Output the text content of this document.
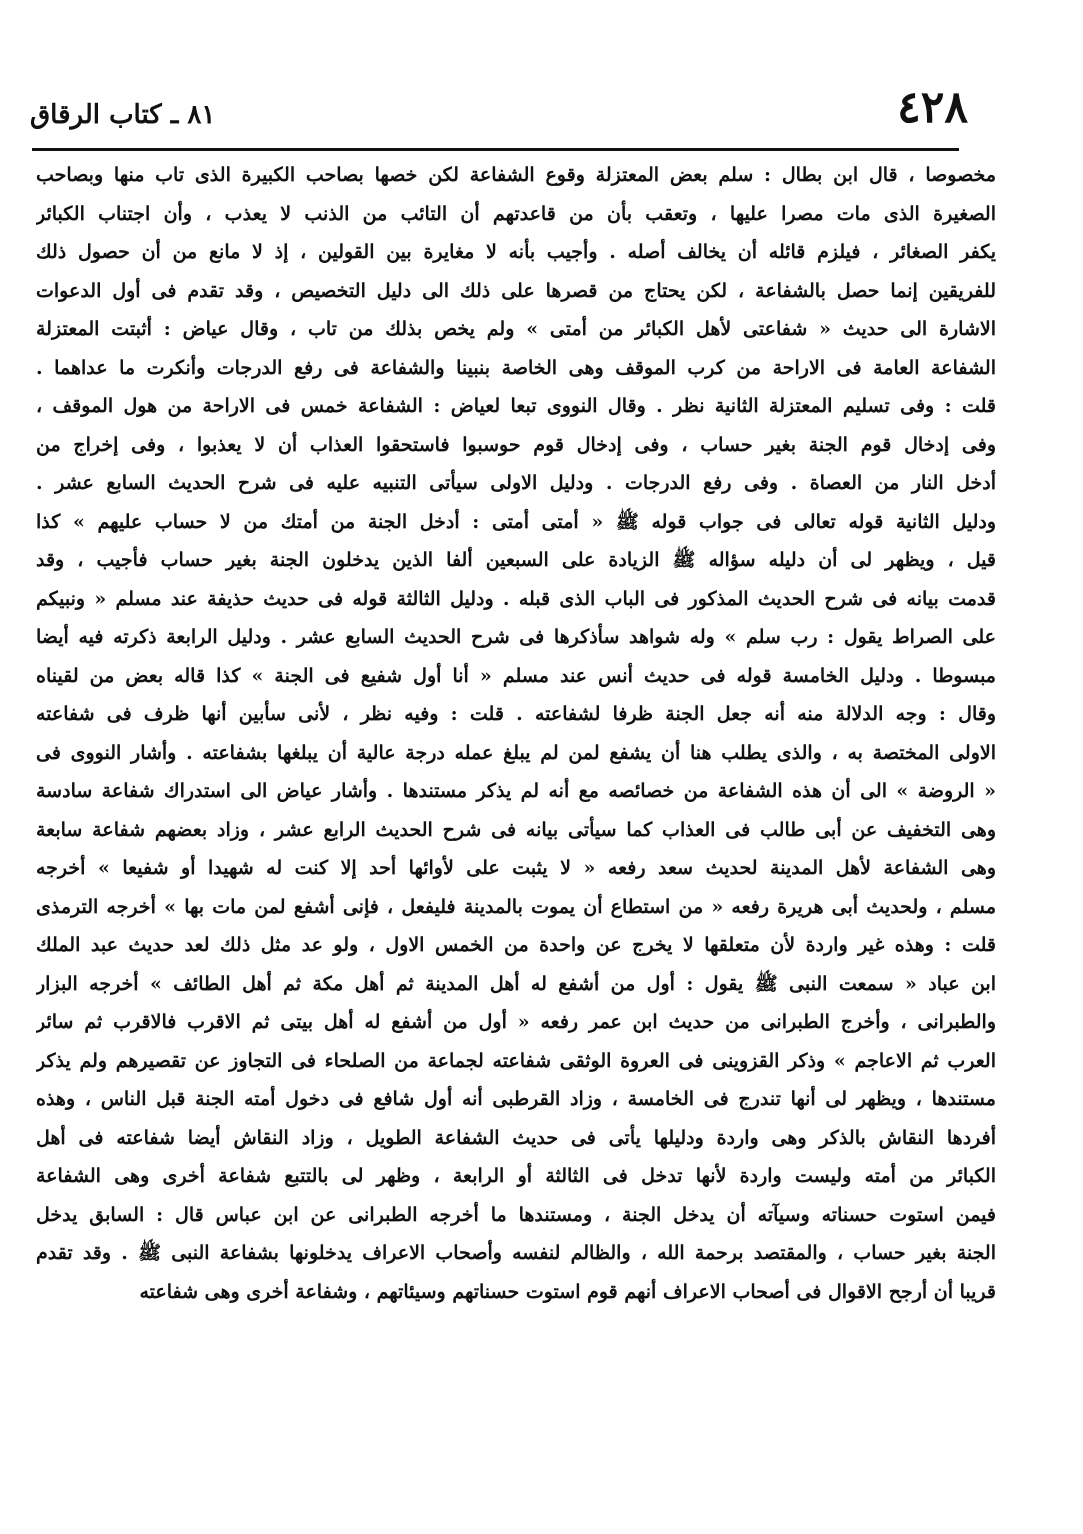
٤٢٨
٨١ ـ كتاب الرقاق
مخصوصا ، قال ابن بطال : سلم بعض المعتزلة وقوع الشفاعة لكن خصها بصاحب الكبيرة الذى تاب منها وبصاحب
الصغيرة الذى مات مصرا عليها ، وتعقب بأن من قاعدتهم أن التائب من الذنب لا يعذب ، وأن اجتناب الكبائر
يكفر الصغائر ، فيلزم قائله أن يخالف أصله . وأجيب بأنه لا مغايرة بين القولين ، إذ لا مانع من أن حصول ذلك
للفريقين إنما حصل بالشفاعة ، لكن يحتاج من قصرها على ذلك الى دليل التخصيص ، وقد تقدم فى أول الدعوات
الاشارة الى حديث « شفاعتى لأهل الكبائر من أمتى » ولم يخص بذلك من تاب ، وقال عياض : أثبتت المعتزلة
الشفاعة العامة فى الاراحة من كرب الموقف وهى الخاصة بنبينا والشفاعة فى رفع الدرجات وأنكرت ما عداهما .
قلت : وفى تسليم المعتزلة الثانية نظر . وقال النووى تبعا لعياض : الشفاعة خمس فى الاراحة من هول الموقف ،
وفى إدخال قوم الجنة بغير حساب ، وفى إدخال قوم حوسبوا فاستحقوا العذاب أن لا يعذبوا ، وفى إخراج من
أدخل النار من العصاة . وفى رفع الدرجات . ودليل الاولى سيأتى التنبيه عليه فى شرح الحديث السابع عشر .
ودليل الثانية قوله تعالى فى جواب قوله ﷺ « أمتى أمتى : أدخل الجنة من أمتك من لا حساب عليهم » كذا
قيل ، ويظهر لى أن دليله سؤاله ﷺ الزيادة على السبعين ألفا الذين يدخلون الجنة بغير حساب فأجيب ، وقد
قدمت بيانه فى شرح الحديث المذكور فى الباب الذى قبله . ودليل الثالثة قوله فى حديث حذيفة عند مسلم « ونبيكم
على الصراط يقول : رب سلم » وله شواهد سأذكرها فى شرح الحديث السابع عشر . ودليل الرابعة ذكرته فيه أيضا
مبسوطا . ودليل الخامسة قوله فى حديث أنس عند مسلم « أنا أول شفيع فى الجنة » كذا قاله بعض من لقيناه
وقال : وجه الدلالة منه أنه جعل الجنة ظرفا لشفاعته . قلت : وفيه نظر ، لأنى سأبين أنها ظرف فى شفاعته
الاولى المختصة به ، والذى يطلب هنا أن يشفع لمن لم يبلغ عمله درجة عالية أن يبلغها بشفاعته . وأشار النووى فى
« الروضة » الى أن هذه الشفاعة من خصائصه مع أنه لم يذكر مستندها . وأشار عياض الى استدراك شفاعة سادسة
وهى التخفيف عن أبى طالب فى العذاب كما سيأتى بيانه فى شرح الحديث الرابع عشر ، وزاد بعضهم شفاعة سابعة
وهى الشفاعة لأهل المدينة لحديث سعد رفعه « لا يثبت على لأوائها أحد إلا كنت له شهيدا أو شفيعا » أخرجه
مسلم ، ولحديث أبى هريرة رفعه « من استطاع أن يموت بالمدينة فليفعل ، فإنى أشفع لمن مات بها » أخرجه الترمذى
قلت : وهذه غير واردة لأن متعلقها لا يخرج عن واحدة من الخمس الاول ، ولو عد مثل ذلك لعد حديث عبد الملك
ابن عباد « سمعت النبى ﷺ يقول : أول من أشفع له أهل المدينة ثم أهل مكة ثم أهل الطائف » أخرجه البزار
والطبرانى ، وأخرج الطبرانى من حديث ابن عمر رفعه « أول من أشفع له أهل بيتى ثم الاقرب فالاقرب ثم سائر
العرب ثم الاعاجم » وذكر القزوينى فى العروة الوثقى شفاعته لجماعة من الصلحاء فى التجاوز عن تقصيرهم ولم يذكر
مستندها ، ويظهر لى أنها تندرج فى الخامسة ، وزاد القرطبى أنه أول شافع فى دخول أمته الجنة قبل الناس ، وهذه
أفردها النقاش بالذكر وهى واردة ودليلها يأتى فى حديث الشفاعة الطويل ، وزاد النقاش أيضا شفاعته فى أهل
الكبائر من أمته وليست واردة لأنها تدخل فى الثالثة أو الرابعة ، وظهر لى بالتتبع شفاعة أخرى وهى الشفاعة
فيمن استوت حسناته وسيآته أن يدخل الجنة ، ومستندها ما أخرجه الطبرانى عن ابن عباس قال : السابق يدخل
الجنة بغير حساب ، والمقتصد برحمة الله ، والظالم لنفسه وأصحاب الاعراف يدخلونها بشفاعة النبى ﷺ . وقد تقدم
قريبا أن أرجح الاقوال فى أصحاب الاعراف أنهم قوم استوت حسناتهم وسيئاتهم ، وشفاعة أخرى وهى شفاعته
